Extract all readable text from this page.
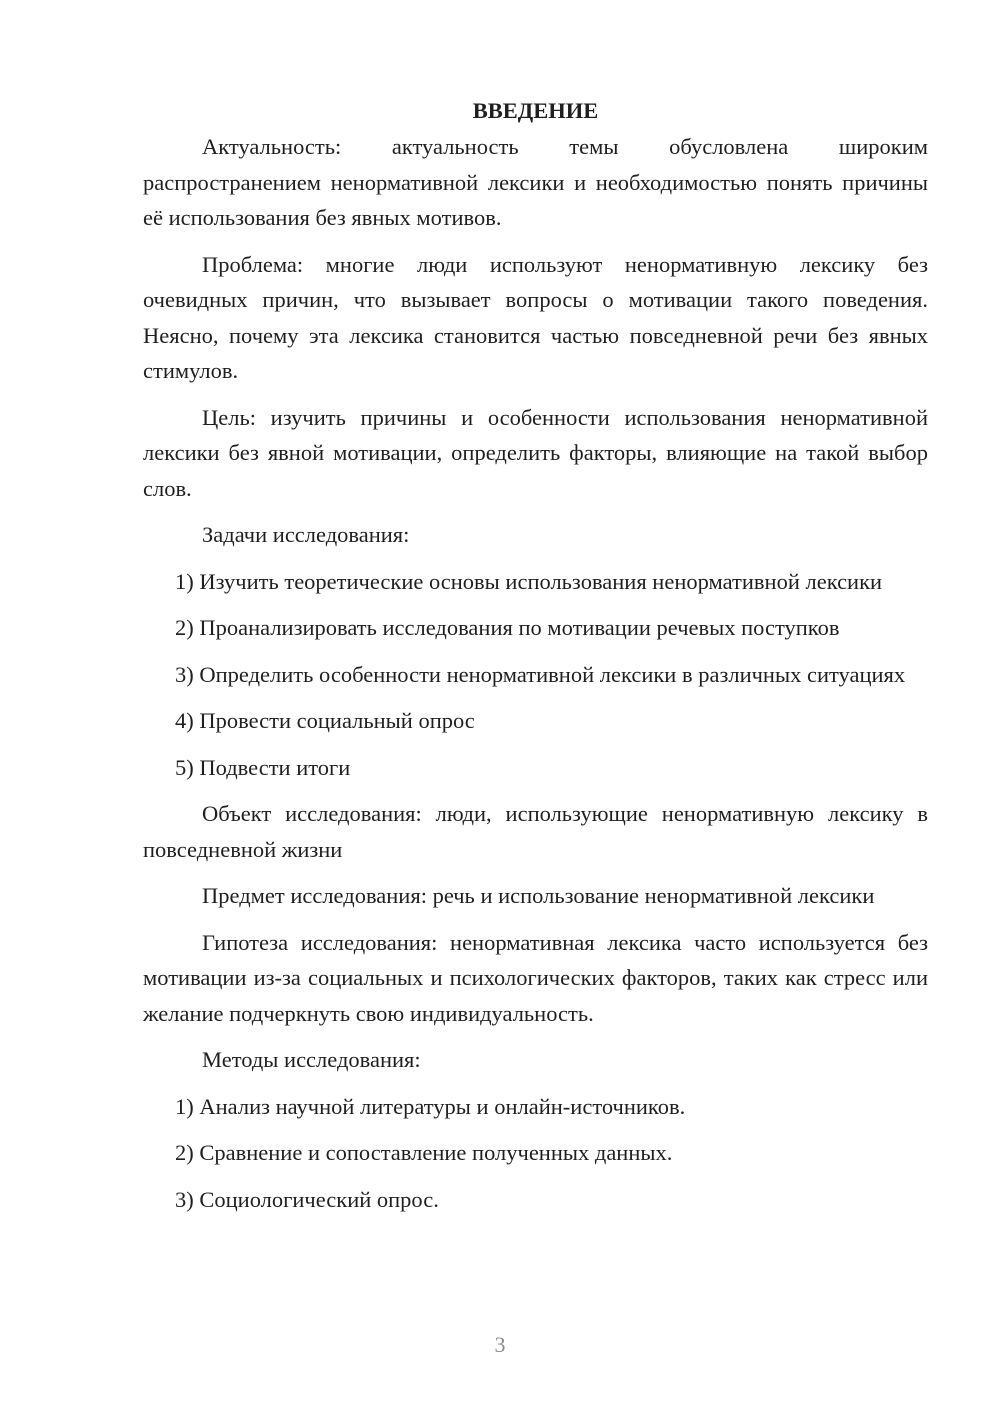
ВВЕДЕНИЕ

Актуальность: актуальность темы обусловлена широким распространением ненормативной лексики и необходимостью понять причины её использования без явных мотивов.

Проблема: многие люди используют ненормативную лексику без очевидных причин, что вызывает вопросы о мотивации такого поведения. Неясно, почему эта лексика становится частью повседневной речи без явных стимулов.

Цель: изучить причины и особенности использования ненормативной лексики без явной мотивации, определить факторы, влияющие на такой выбор слов.

Задачи исследования:

1) Изучить теоретические основы использования ненормативной лексики

2) Проанализировать исследования по мотивации речевых поступков

3) Определить особенности ненормативной лексики в различных ситуациях

4) Провести социальный опрос

5) Подвести итоги

Объект исследования: люди, использующие ненормативную лексику в повседневной жизни

Предмет исследования: речь и использование ненормативной лексики

Гипотеза исследования: ненормативная лексика часто используется без мотивации из-за социальных и психологических факторов, таких как стресс или желание подчеркнуть свою индивидуальность.

Методы исследования:

1) Анализ научной литературы и онлайн-источников.

2) Сравнение и сопоставление полученных данных.

3) Социологический опрос.

3
